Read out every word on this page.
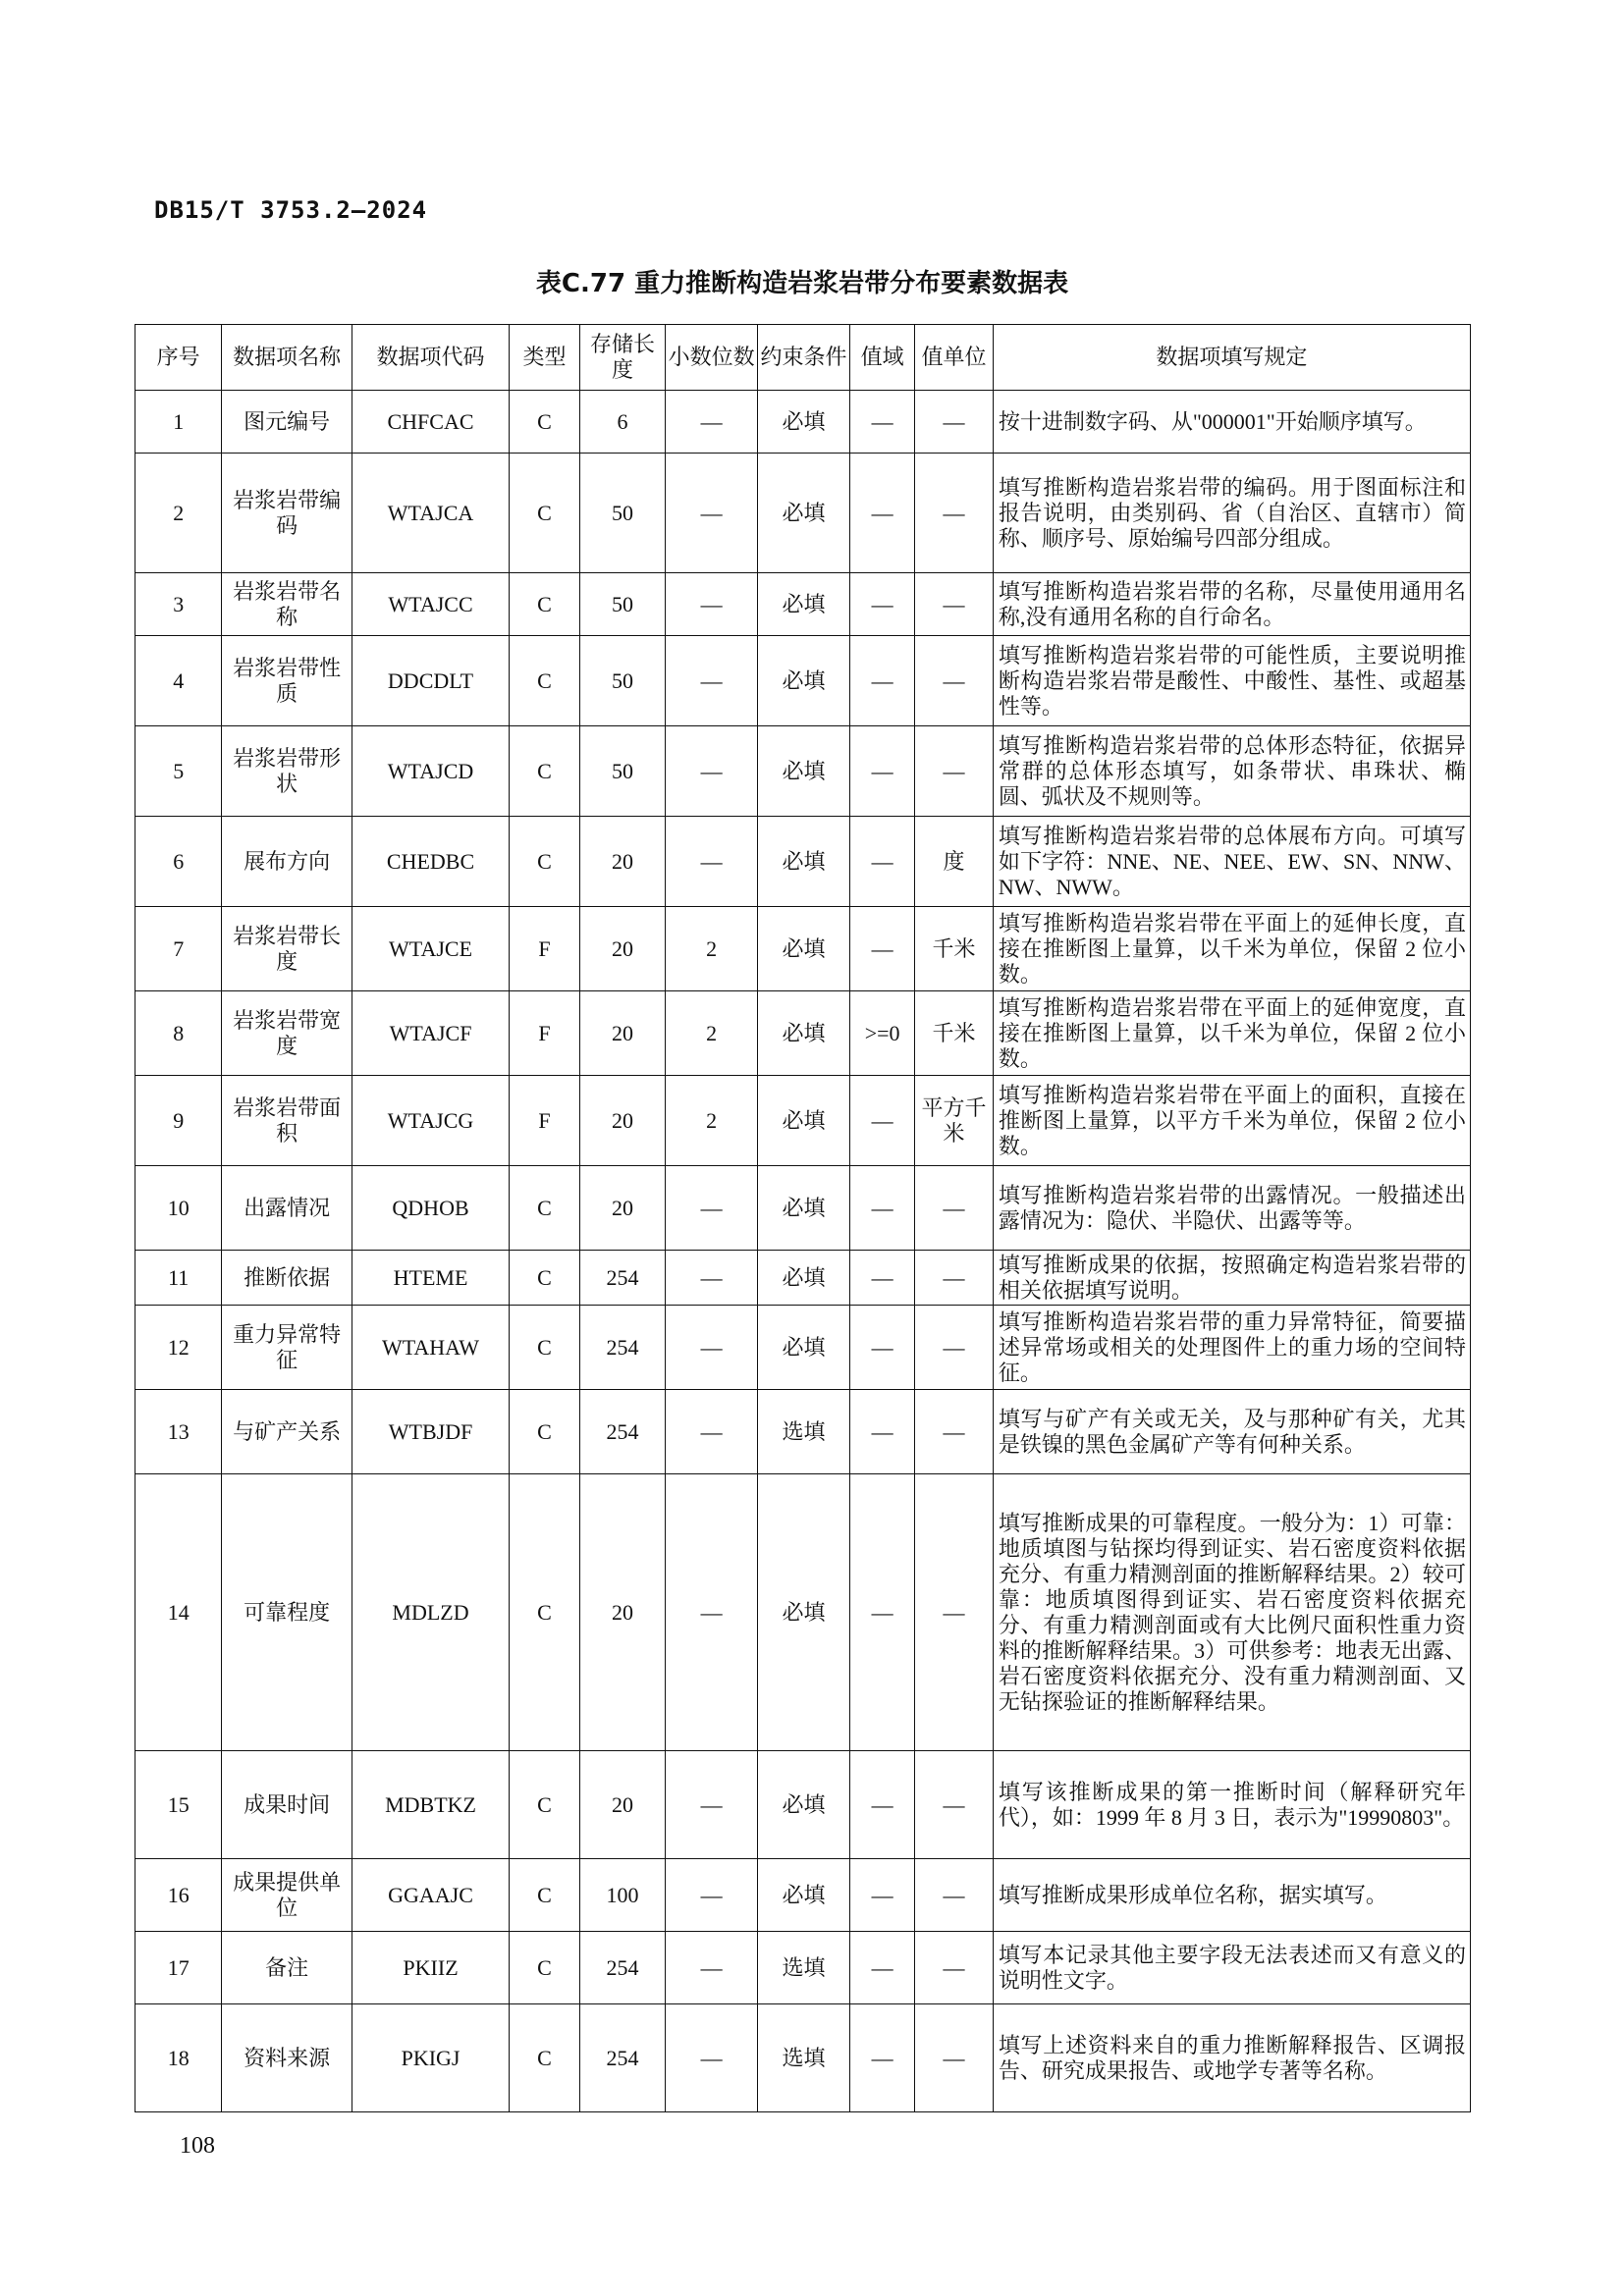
DB15/T 3753.2—2024
表C.77 重力推断构造岩浆岩带分布要素数据表
序号	数据项名称	数据项代码	类型	存储长度	小数位数	约束条件	值域	值单位	数据项填写规定
1	图元编号	CHFCAC	C	6	—	必填	—	—	按十进制数字码、从"000001"开始顺序填写。
2	岩浆岩带编码	WTAJCA	C	50	—	必填	—	—	填写推断构造岩浆岩带的编码。用于图面标注和报告说明，由类别码、省（自治区、直辖市）简称、顺序号、原始编号四部分组成。
3	岩浆岩带名称	WTAJCC	C	50	—	必填	—	—	填写推断构造岩浆岩带的名称，尽量使用通用名称,没有通用名称的自行命名。
4	岩浆岩带性质	DDCDLT	C	50	—	必填	—	—	填写推断构造岩浆岩带的可能性质，主要说明推断构造岩浆岩带是酸性、中酸性、基性、或超基性等。
5	岩浆岩带形状	WTAJCD	C	50	—	必填	—	—	填写推断构造岩浆岩带的总体形态特征，依据异常群的总体形态填写，如条带状、串珠状、椭圆、弧状及不规则等。
6	展布方向	CHEDBC	C	20	—	必填	—	度	填写推断构造岩浆岩带的总体展布方向。可填写如下字符：NNE、NE、NEE、EW、SN、NNW、NW、NWW。
7	岩浆岩带长度	WTAJCE	F	20	2	必填	—	千米	填写推断构造岩浆岩带在平面上的延伸长度，直接在推断图上量算，以千米为单位，保留 2 位小数。
8	岩浆岩带宽度	WTAJCF	F	20	2	必填	>=0	千米	填写推断构造岩浆岩带在平面上的延伸宽度，直接在推断图上量算，以千米为单位，保留 2 位小数。
9	岩浆岩带面积	WTAJCG	F	20	2	必填	—	平方千米	填写推断构造岩浆岩带在平面上的面积，直接在推断图上量算，以平方千米为单位，保留 2 位小数。
10	出露情况	QDHOB	C	20	—	必填	—	—	填写推断构造岩浆岩带的出露情况。一般描述出露情况为：隐伏、半隐伏、出露等等。
11	推断依据	HTEME	C	254	—	必填	—	—	填写推断成果的依据，按照确定构造岩浆岩带的相关依据填写说明。
12	重力异常特征	WTAHAW	C	254	—	必填	—	—	填写推断构造岩浆岩带的重力异常特征，简要描述异常场或相关的处理图件上的重力场的空间特征。
13	与矿产关系	WTBJDF	C	254	—	选填	—	—	填写与矿产有关或无关，及与那种矿有关，尤其是铁镍的黑色金属矿产等有何种关系。
14	可靠程度	MDLZD	C	20	—	必填	—	—	填写推断成果的可靠程度。一般分为：1）可靠：地质填图与钻探均得到证实、岩石密度资料依据充分、有重力精测剖面的推断解释结果。2）较可靠：地质填图得到证实、岩石密度资料依据充分、有重力精测剖面或有大比例尺面积性重力资料的推断解释结果。3）可供参考：地表无出露、岩石密度资料依据充分、没有重力精测剖面、又无钻探验证的推断解释结果。
15	成果时间	MDBTKZ	C	20	—	必填	—	—	填写该推断成果的第一推断时间（解释研究年代），如：1999 年 8 月 3 日，表示为"19990803"。
16	成果提供单位	GGAAJC	C	100	—	必填	—	—	填写推断成果形成单位名称，据实填写。
17	备注	PKIIZ	C	254	—	选填	—	—	填写本记录其他主要字段无法表述而又有意义的说明性文字。
18	资料来源	PKIGJ	C	254	—	选填	—	—	填写上述资料来自的重力推断解释报告、区调报告、研究成果报告、或地学专著等名称。
108
